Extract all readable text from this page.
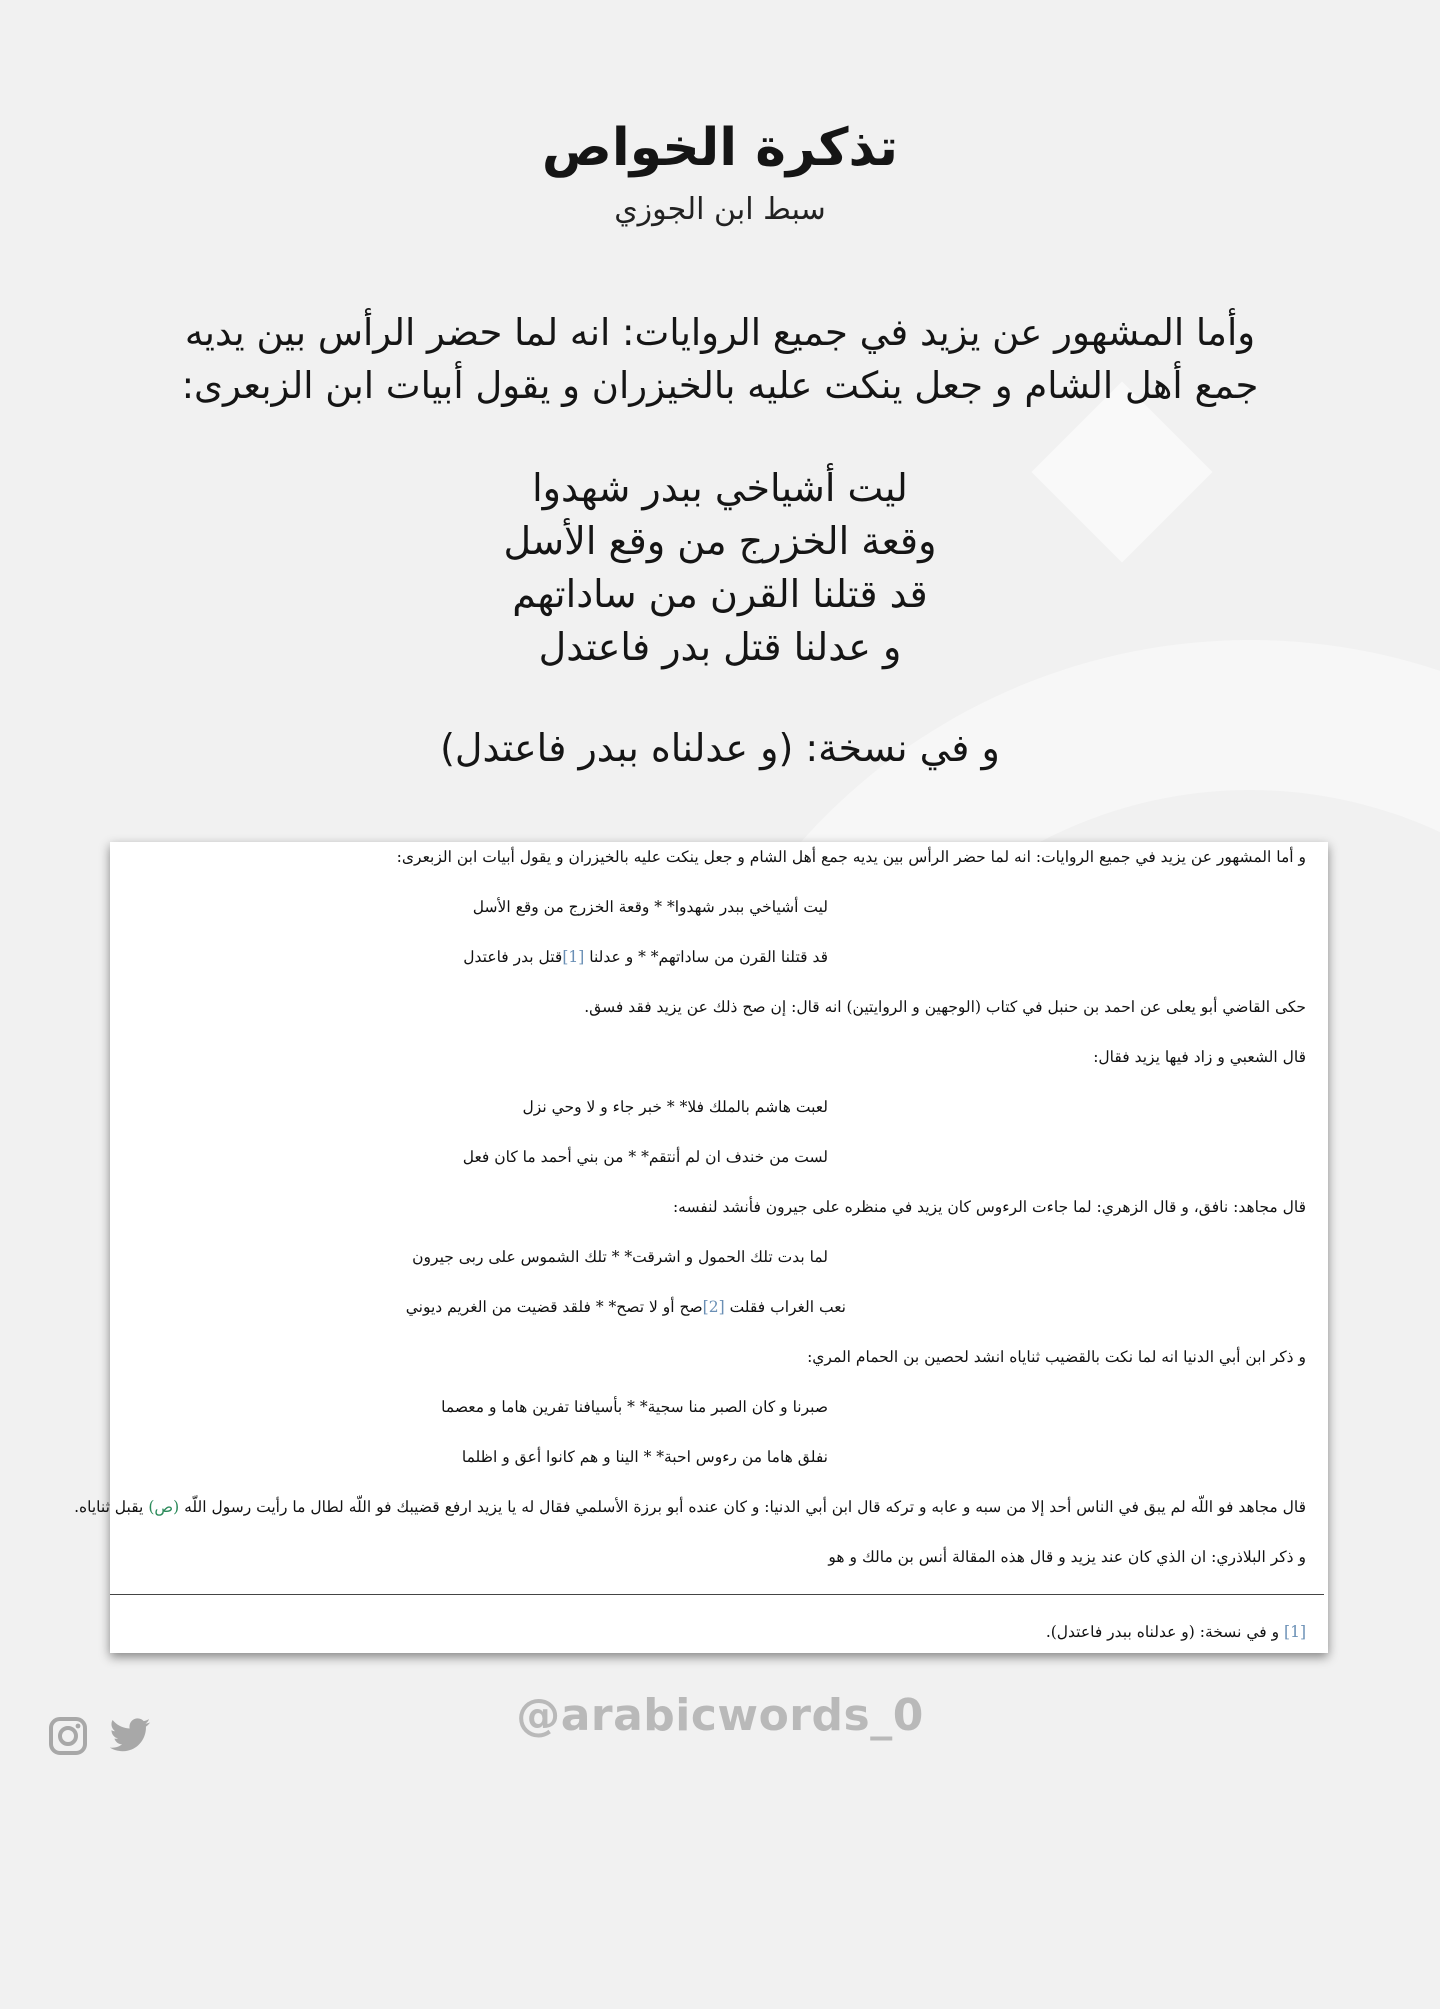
تذكرة الخواص
سبط ابن الجوزي
وأما المشهور عن يزيد في جميع الروايات: انه لما حضر الرأس بين يديه
جمع أهل الشام و جعل ينكت عليه بالخيزران و يقول أبيات ابن الزبعرى:
ليت أشياخي ببدر شهدوا
وقعة الخزرج من وقع الأسل
قد قتلنا القرن من ساداتهم
و عدلنا قتل بدر فاعتدل
و في نسخة: (و عدلناه ببدر فاعتدل)
و أما المشهور عن يزيد في جميع الروايات: انه لما حضر الرأس بين يديه جمع أهل الشام و جعل ينكت عليه بالخيزران و يقول أبيات ابن الزبعرى:
ليت أشياخي ببدر شهدوا* * وقعة الخزرج من وقع الأسل
قد قتلنا القرن من ساداتهم* * و عدلنا [1]قتل بدر فاعتدل
حكى القاضي أبو يعلى عن احمد بن حنبل في كتاب (الوجهين و الروايتين) انه قال: إن صح ذلك عن يزيد فقد فسق.
قال الشعبي و زاد فيها يزيد فقال:
لعبت هاشم بالملك فلا* * خبر جاء و لا وحي نزل
لست من خندف ان لم أنتقم* * من بني أحمد ما كان فعل
قال مجاهد: نافق، و قال الزهري: لما جاءت الرءوس كان يزيد في منظره على جيرون فأنشد لنفسه:
لما بدت تلك الحمول و اشرقت* * تلك الشموس على ربى جيرون
نعب الغراب فقلت [2]صح أو لا تصح* * فلقد قضيت من الغريم ديوني
و ذكر ابن أبي الدنيا انه لما نكت بالقضيب ثناياه انشد لحصين بن الحمام المري:
صبرنا و كان الصبر منا سجية* * بأسيافنا تفرين هاما و معصما
نفلق هاما من رءوس احبة* * الينا و هم كانوا أعق و اظلما
قال مجاهد فو اللّه لم يبق في الناس أحد إلا من سبه و عابه و تركه قال ابن أبي الدنيا: و كان عنده أبو برزة الأسلمي فقال له يا يزيد ارفع قضيبك فو اللّه لطال ما رأيت رسول اللّه (ص) يقبل ثناياه.
و ذكر البلاذري: ان الذي كان عند يزيد و قال هذه المقالة أنس بن مالك و هو
[1] و في نسخة: (و عدلناه ببدر فاعتدل).
@arabicwords_0
